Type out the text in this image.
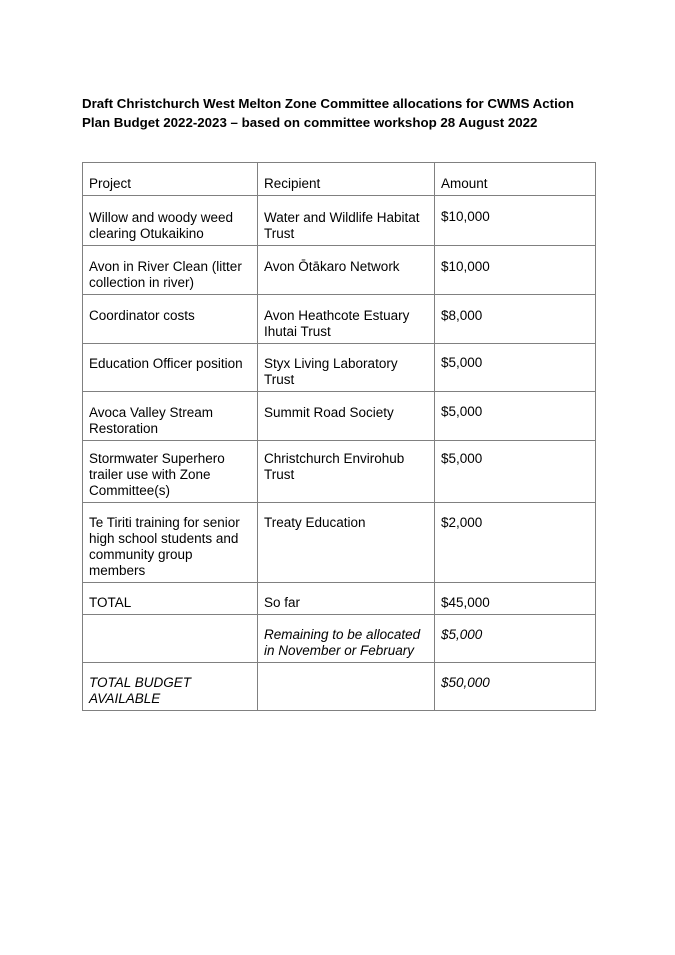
Draft Christchurch West Melton Zone Committee allocations for CWMS Action
Plan Budget 2022-2023 – based on committee workshop 28 August 2022
Project	Recipient	Amount
Willow and woody weed clearing Otukaikino	Water and Wildlife Habitat Trust	$10,000
Avon in River Clean (litter collection in river)	Avon Ōtākaro Network	$10,000
Coordinator costs	Avon Heathcote Estuary Ihutai Trust	$8,000
Education Officer position	Styx Living Laboratory Trust	$5,000
Avoca Valley Stream Restoration	Summit Road Society	$5,000
Stormwater Superhero trailer use with Zone Committee(s)	Christchurch Envirohub Trust	$5,000
Te Tiriti training for senior high school students and community group members	Treaty Education	$2,000
TOTAL	So far	$45,000
	Remaining to be allocated in November or February	$5,000
TOTAL BUDGET AVAILABLE		$50,000
